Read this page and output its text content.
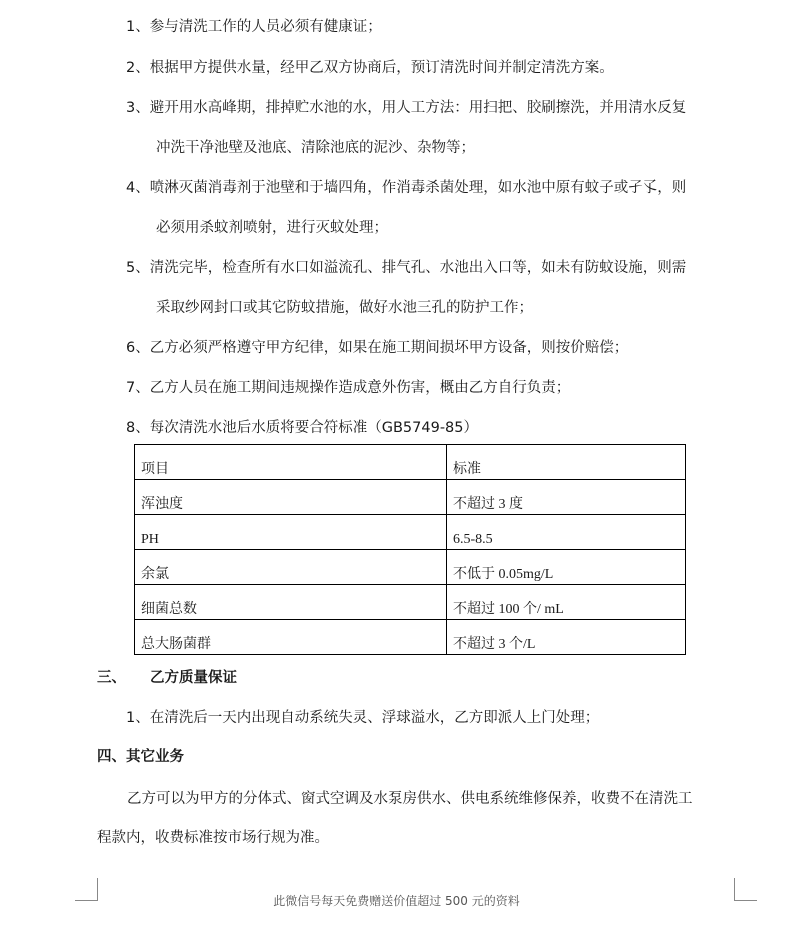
1、参与清洗工作的人员必须有健康证；
2、根据甲方提供水量，经甲乙双方协商后，预订清洗时间并制定清洗方案。
3、避开用水高峰期，排掉贮水池的水，用人工方法：用扫把、胶刷擦洗，并用清水反复
冲洗干净池壁及池底、清除池底的泥沙、杂物等；
4、喷淋灭菌消毒剂于池壁和于墙四角，作消毒杀菌处理，如水池中原有蚊子或孑孓，则
必须用杀蚊剂喷射，进行灭蚊处理；
5、清洗完毕，检查所有水口如溢流孔、排气孔、水池出入口等，如未有防蚊设施，则需
采取纱网封口或其它防蚊措施，做好水池三孔的防护工作；
6、乙方必须严格遵守甲方纪律，如果在施工期间损坏甲方设备，则按价赔偿；
7、乙方人员在施工期间违规操作造成意外伤害，概由乙方自行负责；
8、每次清洗水池后水质将要合符标准（GB5749-85）
项目	标准
浑浊度	不超过 3 度
PH	6.5-8.5
余氯	不低于 0.05mg/L
细菌总数	不超过 100 个/ mL
总大肠菌群	不超过 3 个/L
三、 乙方质量保证
1、在清洗后一天内出现自动系统失灵、浮球溢水，乙方即派人上门处理；
四、其它业务
乙方可以为甲方的分体式、窗式空调及水泵房供水、供电系统维修保养，收费不在清洗工
程款内，收费标准按市场行规为准。
此微信号每天免费赠送价值超过 500 元的资料
